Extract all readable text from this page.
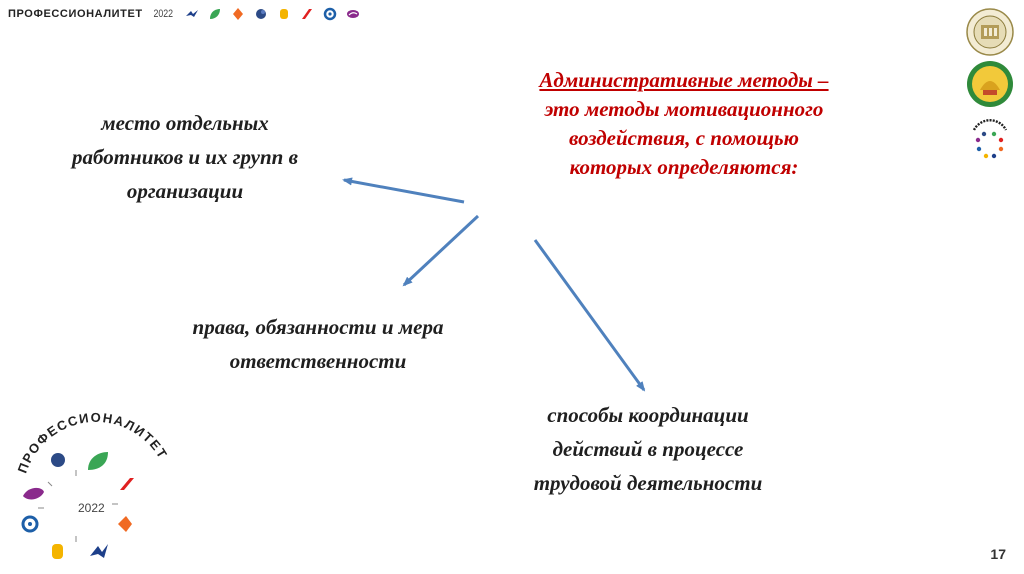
ПРОФЕССИОНАЛИТЕТ 2022
Административные методы –
это методы мотивационного
воздействия, с помощью
которых определяются:
место отдельных
работников и их групп в
организации
права, обязанности и мера
ответственности
способы координации
действий в процессе
трудовой деятельности
ПРОФЕССИОНАЛИТЕТ
2022
17
